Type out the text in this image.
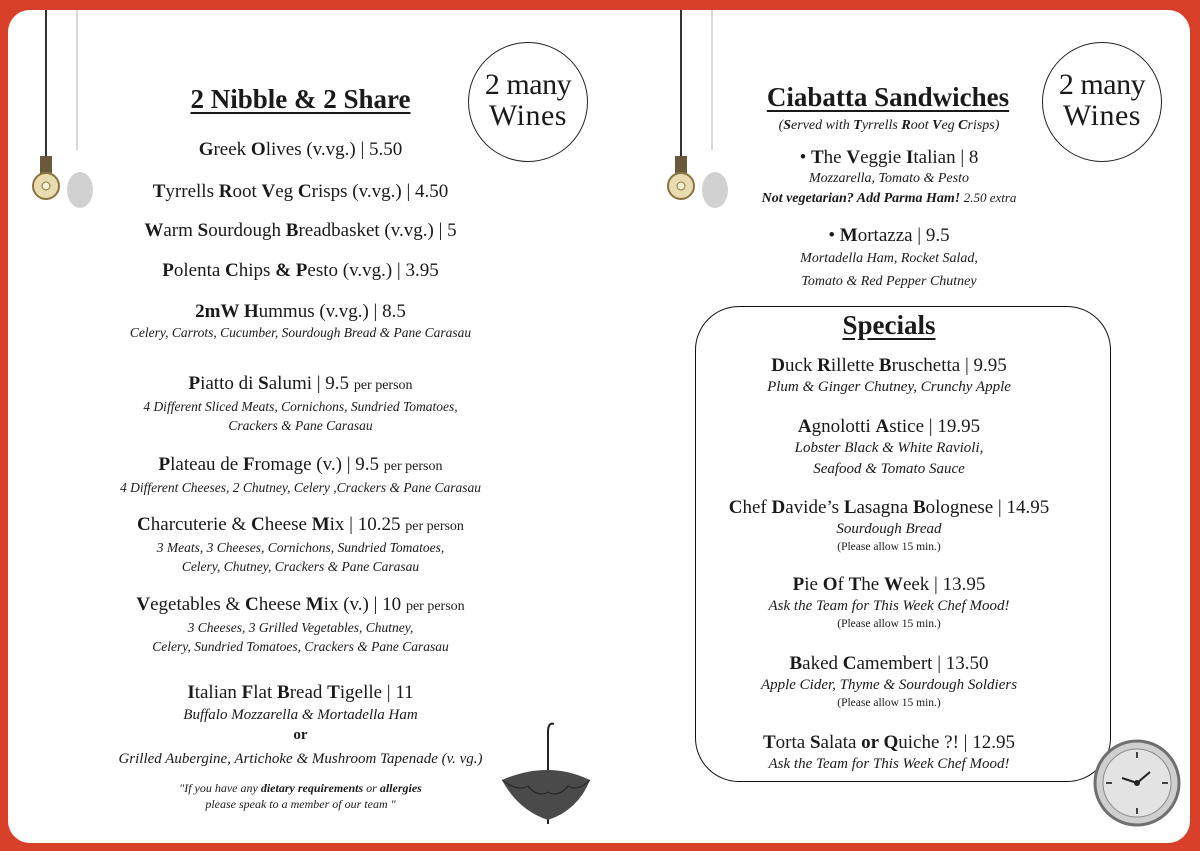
2 Nibble & 2 Share	2 many
Wines
Greek Olives (v.vg.) | 5.50
Tyrrells Root Veg Crisps (v.vg.) | 4.50
Warm Sourdough Breadbasket (v.vg.) | 5
Polenta Chips & Pesto (v.vg.) | 3.95
2mW Hummus (v.vg.) | 8.5
Celery, Carrots, Cucumber, Sourdough Bread & Pane Carasau
Piatto di Salumi | 9.5 per person
4 Different Sliced Meats, Cornichons, Sundried Tomatoes,
Crackers & Pane Carasau
Plateau de Fromage (v.) | 9.5 per person
4 Different Cheeses, 2 Chutney, Celery ,Crackers & Pane Carasau
Charcuterie & Cheese Mix | 10.25 per person
3 Meats, 3 Cheeses, Cornichons, Sundried Tomatoes,
Celery, Chutney, Crackers & Pane Carasau
Vegetables & Cheese Mix (v.) | 10 per person
3 Cheeses, 3 Grilled Vegetables, Chutney,
Celery, Sundried Tomatoes, Crackers & Pane Carasau
Italian Flat Bread Tigelle | 11
Buffalo Mozzarella & Mortadella Ham
or
Grilled Aubergine, Artichoke & Mushroom Tapenade (v. vg.)
"If you have any dietary requirements or allergies
please speak to a member of our team "
Ciabatta Sandwiches	2 many
Wines
(Served with Tyrrells Root Veg Crisps)
• The Veggie Italian | 8
Mozzarella, Tomato & Pesto
Not vegetarian? Add Parma Ham! 2.50 extra
• Mortazza | 9.5
Mortadella Ham, Rocket Salad,
Tomato & Red Pepper Chutney
Specials
Duck Rillette Bruschetta | 9.95
Plum & Ginger Chutney, Crunchy Apple
Agnolotti Astice | 19.95
Lobster Black & White Ravioli,
Seafood & Tomato Sauce
Chef Davide’s Lasagna Bolognese | 14.95
Sourdough Bread
(Please allow 15 min.)
Pie Of The Week | 13.95
Ask the Team for This Week Chef Mood!
(Please allow 15 min.)
Baked Camembert | 13.50
Apple Cider, Thyme & Sourdough Soldiers
(Please allow 15 min.)
Torta Salata or Quiche ?! | 12.95
Ask the Team for This Week Chef Mood!
